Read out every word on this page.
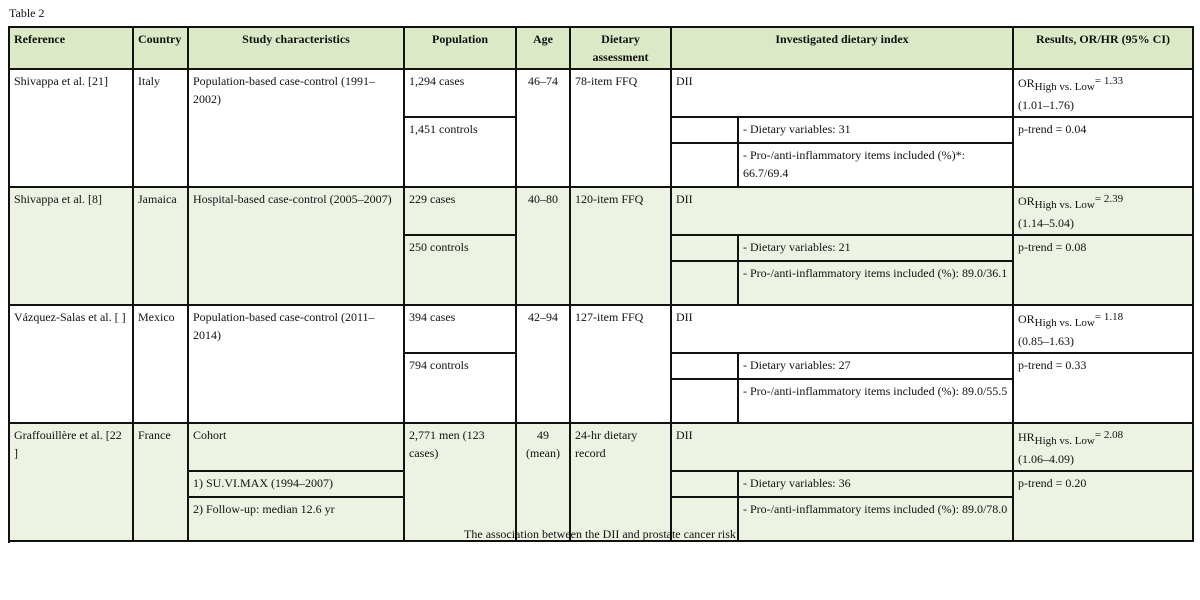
Table 2
Reference	Country	Study characteristics	Population	Age	Dietary
assessment	Investigated dietary index		Results, OR/HR (95% CI)
Shivappa et al. [21]	Italy	Population-based case-control (1991–2002)	1,294 cases	46–74	78-item FFQ	DII		$OR_{High vs. Low}^{= 1.33}$
(1.01–1.76)
			1,451 controls				- Dietary variables: 31	p-trend = 0.04
							- Pro-/anti-inflammatory items included (%)*: 66.7/69.4	
Shivappa et al. [8]	Jamaica	Hospital-based case-control (2005–2007)	229 cases	40–80	120-item FFQ	DII		$OR_{High vs. Low}^{= 2.39}$
(1.14–5.04)
			250 controls				- Dietary variables: 21	p-trend = 0.08
							- Pro-/anti-inflammatory items included (%): 89.0/36.1	
Vázquez-Salas et al. [ ]	Mexico	Population-based case-control (2011–2014)	394 cases	42–94	127-item FFQ	DII		$OR_{High vs. Low}^{= 1.18}$
(0.85–1.63)
			794 controls				- Dietary variables: 27	p-trend = 0.33
							- Pro-/anti-inflammatory items included (%): 89.0/55.5	
Graffouillère et al. [22 ]	France	Cohort	2,771 men (123 cases)	49 (mean)	24-hr dietary record	DII		$HR_{High vs. Low}^{= 2.08}$
(1.06–4.09)
		1) SU.VI.MAX (1994–2007)					- Dietary variables: 36	p-trend = 0.20
		2) Follow-up: median 12.6 yr					- Pro-/anti-inflammatory items included (%): 89.0/78.0	
The association between the DII and prostate cancer risk
